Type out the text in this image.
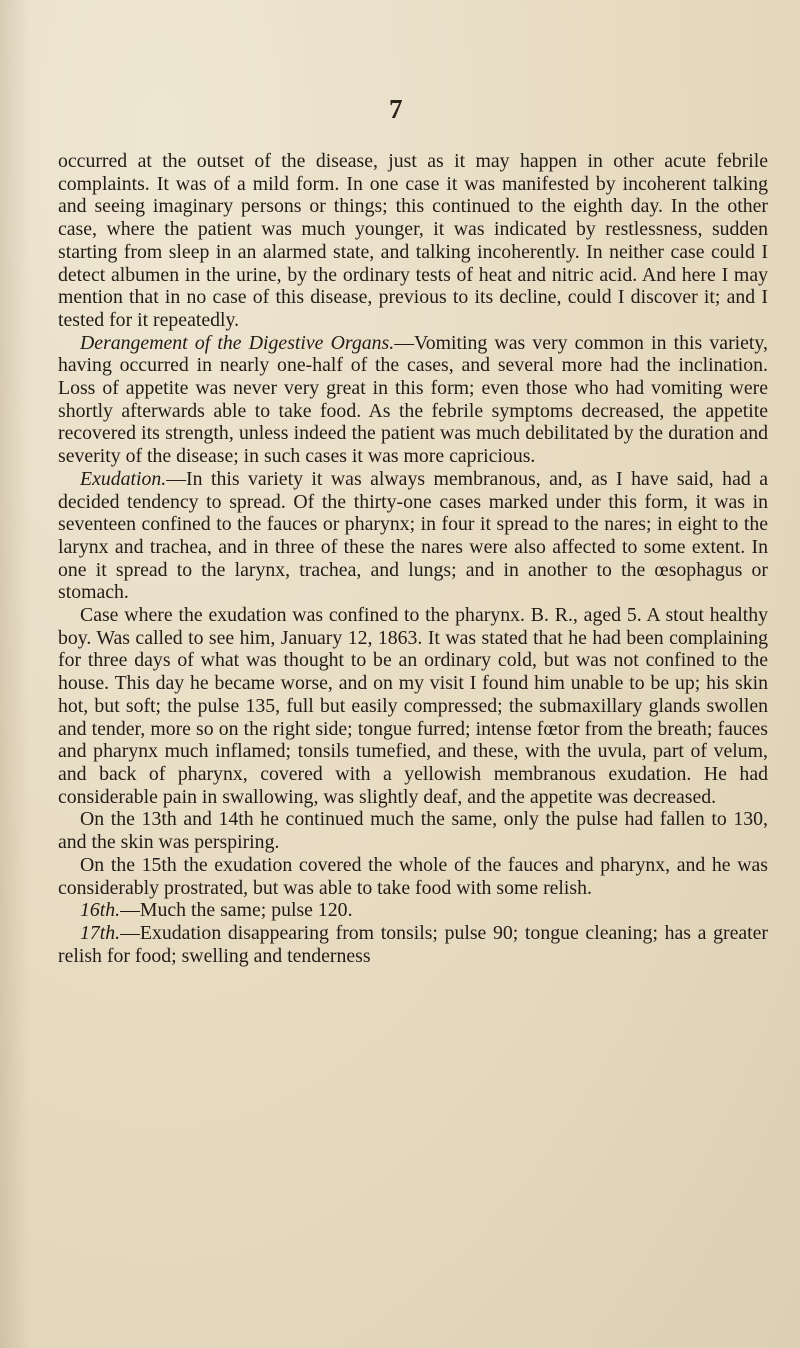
7

occurred at the outset of the disease, just as it may happen in other acute febrile complaints. It was of a mild form. In one case it was manifested by incoherent talking and seeing imaginary persons or things; this continued to the eighth day. In the other case, where the patient was much younger, it was indicated by restlessness, sudden starting from sleep in an alarmed state, and talking incoherently. In neither case could I detect albumen in the urine, by the ordinary tests of heat and nitric acid. And here I may mention that in no case of this disease, previous to its decline, could I discover it; and I tested for it repeatedly.

Derangement of the Digestive Organs.—Vomiting was very common in this variety, having occurred in nearly one-half of the cases, and several more had the inclination. Loss of appetite was never very great in this form; even those who had vomiting were shortly afterwards able to take food. As the febrile symptoms decreased, the appetite recovered its strength, unless indeed the patient was much debilitated by the duration and severity of the disease; in such cases it was more capricious.

Exudation.—In this variety it was always membranous, and, as I have said, had a decided tendency to spread. Of the thirty-one cases marked under this form, it was in seventeen confined to the fauces or pharynx; in four it spread to the nares; in eight to the larynx and trachea, and in three of these the nares were also affected to some extent. In one it spread to the larynx, trachea, and lungs; and in another to the œsophagus or stomach.

Case where the exudation was confined to the pharynx. B. R., aged 5. A stout healthy boy. Was called to see him, January 12, 1863. It was stated that he had been complaining for three days of what was thought to be an ordinary cold, but was not confined to the house. This day he became worse, and on my visit I found him unable to be up; his skin hot, but soft; the pulse 135, full but easily compressed; the submaxillary glands swollen and tender, more so on the right side; tongue furred; intense fœtor from the breath; fauces and pharynx much inflamed; tonsils tumefied, and these, with the uvula, part of velum, and back of pharynx, covered with a yellowish membranous exudation. He had considerable pain in swallowing, was slightly deaf, and the appetite was decreased.

On the 13th and 14th he continued much the same, only the pulse had fallen to 130, and the skin was perspiring.

On the 15th the exudation covered the whole of the fauces and pharynx, and he was considerably prostrated, but was able to take food with some relish.

16th.—Much the same; pulse 120.

17th.—Exudation disappearing from tonsils; pulse 90; tongue cleaning; has a greater relish for food; swelling and tenderness
